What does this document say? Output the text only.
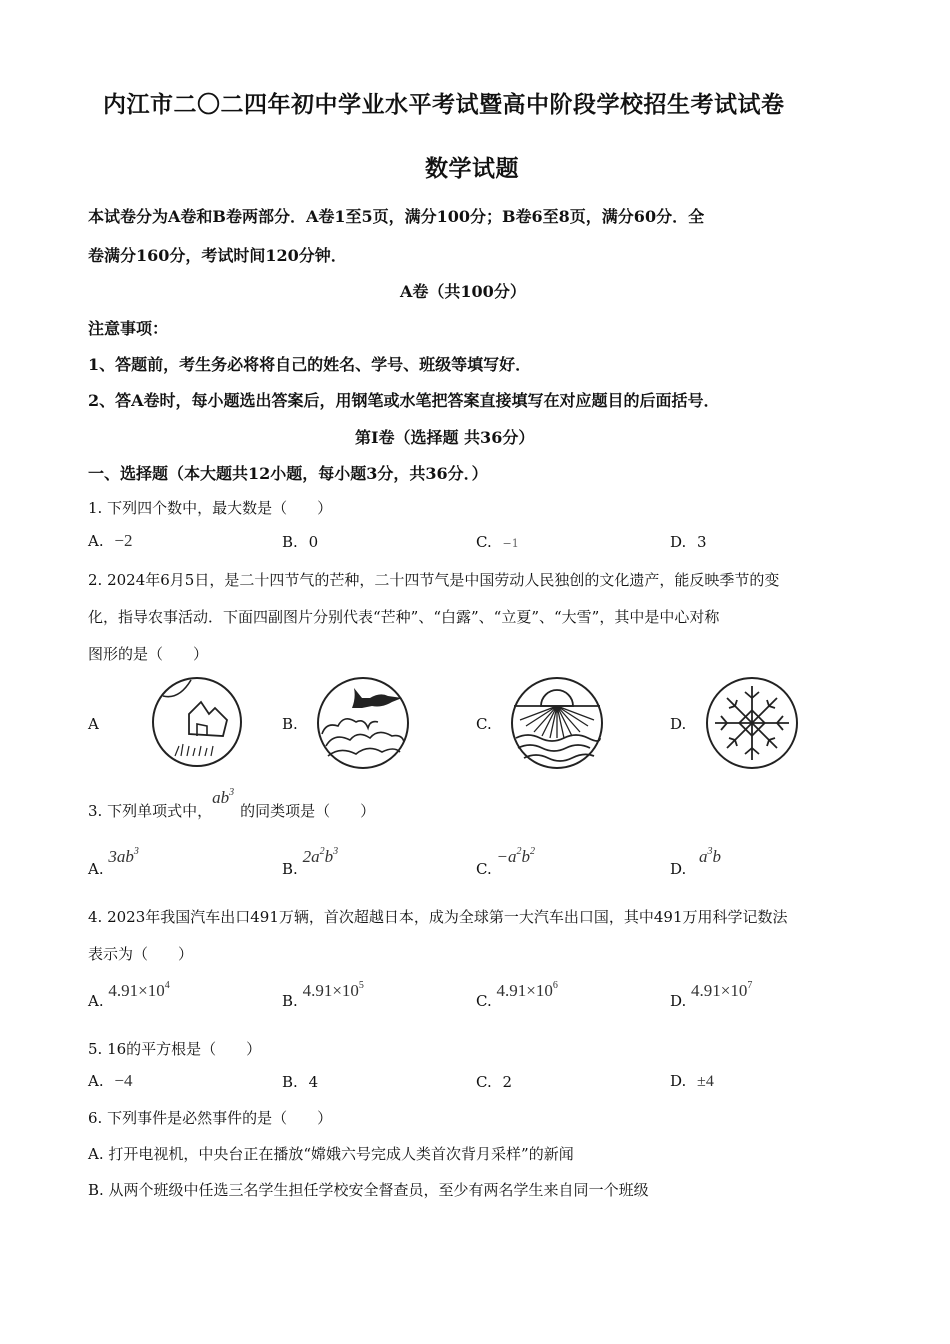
内江市二〇二四年初中学业水平考试暨高中阶段学校招生考试试卷
数学试题
本试卷分为A卷和B卷两部分．A卷1至5页，满分100分；B卷6至8页，满分60分．全
卷满分160分，考试时间120分钟．
A卷（共100分）
注意事项：
1、答题前，考生务必将将自己的姓名、学号、班级等填写好．
2、答A卷时，每小题选出答案后，用钢笔或水笔把答案直接填写在对应题目的后面括号．
第Ⅰ卷（选择题 共36分）
一、选择题（本大题共12小题，每小题3分，共36分．）
1. 下列四个数中，最大数是（　　）
A. −2	B. 0	C. −1	D. 3
2. 2024年6月5日，是二十四节气的芒种，二十四节气是中国劳动人民独创的文化遗产，能反映季节的变
化，指导农事活动．下面四副图片分别代表“芒种”、“白露”、“立夏”、“大雪”，其中是中心对称
图形的是（　　）
A	B.	C.	D.
3. 下列单项式中，$ab^3$的同类项是（　　）
A. $3ab^3$
B. $2a^2b^3$
C. $-a^2b^2$
D. $a^3b$
4. 2023年我国汽车出口491万辆，首次超越日本，成为全球第一大汽车出口国，其中491万用科学记数法
表示为（　　）
A. $4.91\times 10^4$
B. $4.91\times 10^5$
C. $4.91\times 10^6$
D. $4.91\times 10^7$
5. 16的平方根是（　　）
A. −4	B. 4	C. 2	D. ±4
6. 下列事件是必然事件的是（　　）
A. 打开电视机，中央台正在播放“嫦娥六号完成人类首次背月采样”的新闻
B. 从两个班级中任选三名学生担任学校安全督查员，至少有两名学生来自同一个班级
